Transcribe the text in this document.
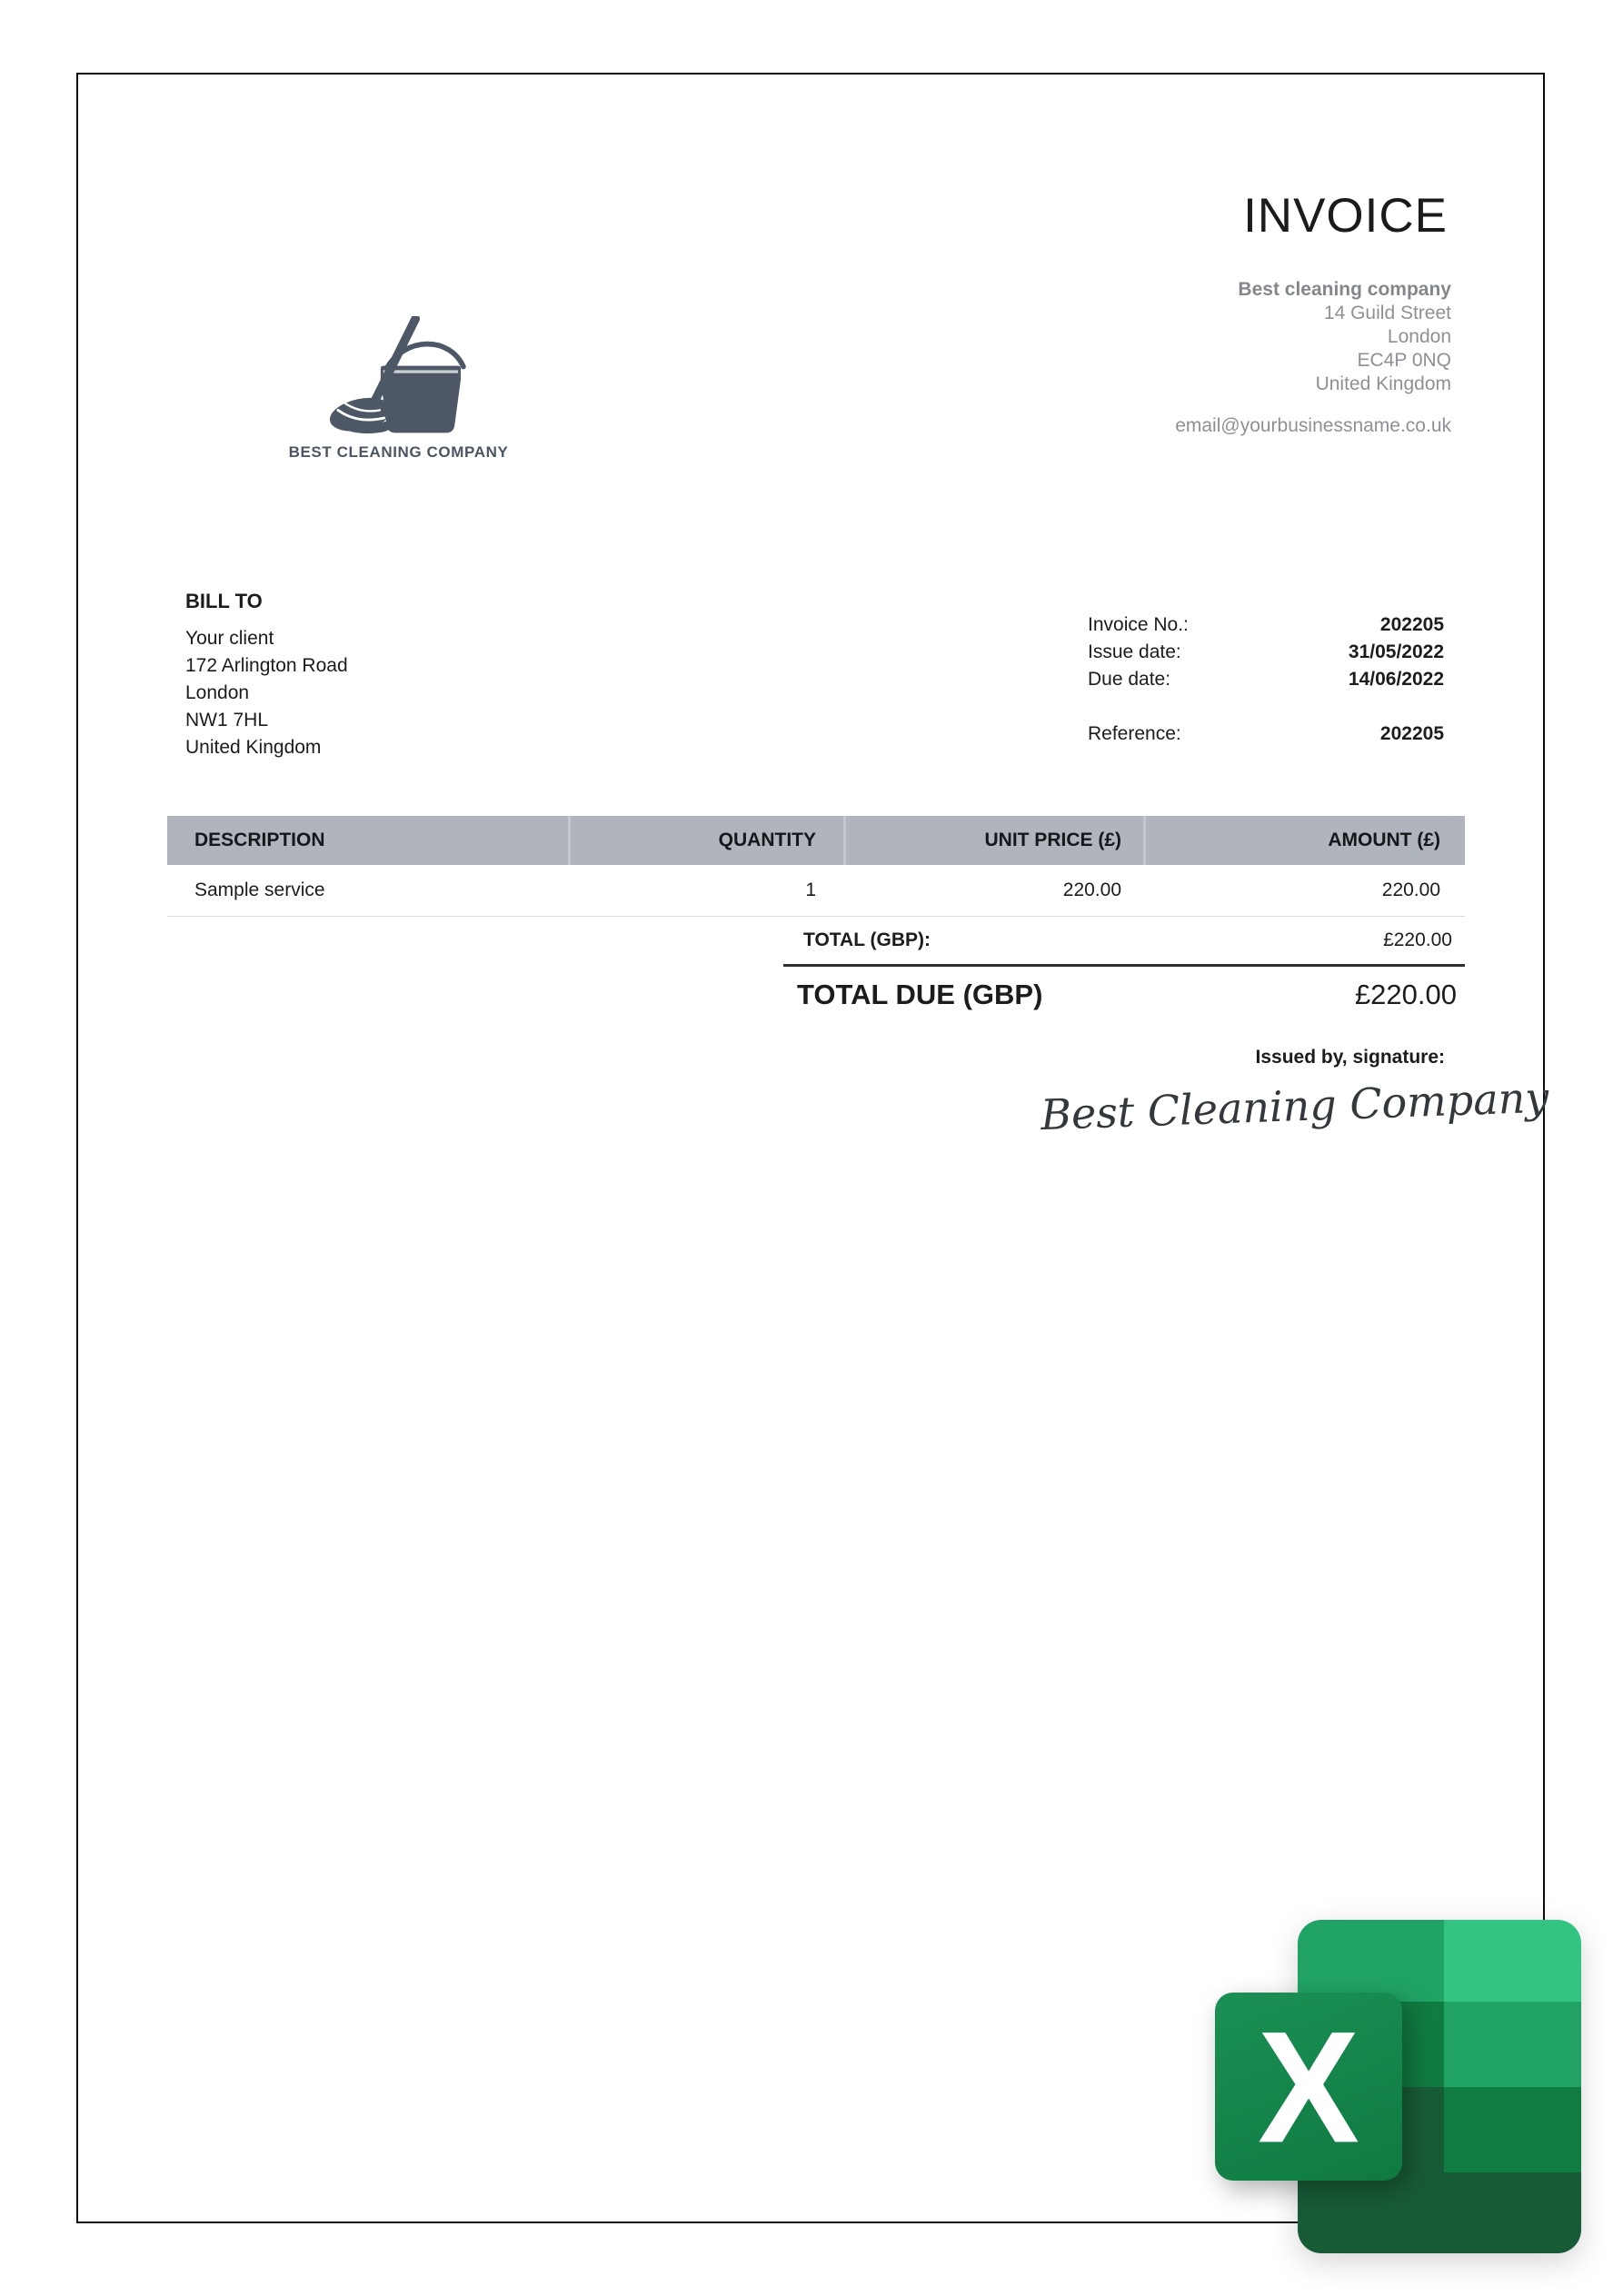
INVOICE
Best cleaning company
14 Guild Street
London
EC4P 0NQ
United Kingdom
email@yourbusinessname.co.uk
BEST CLEANING COMPANY

BILL TO

Your client
172 Arlington Road
London
NW1 7HL
United Kingdom
Invoice No.:	202205
Issue date:	31/05/2022
Due date:	14/06/2022
Reference:	202205
DESCRIPTION	QUANTITY	UNIT PRICE (£)	AMOUNT (£)
Sample service	1	220.00	220.00
TOTAL (GBP):	£220.00
TOTAL DUE (GBP)	£220.00
Issued by, signature:
Best Cleaning Company
X
